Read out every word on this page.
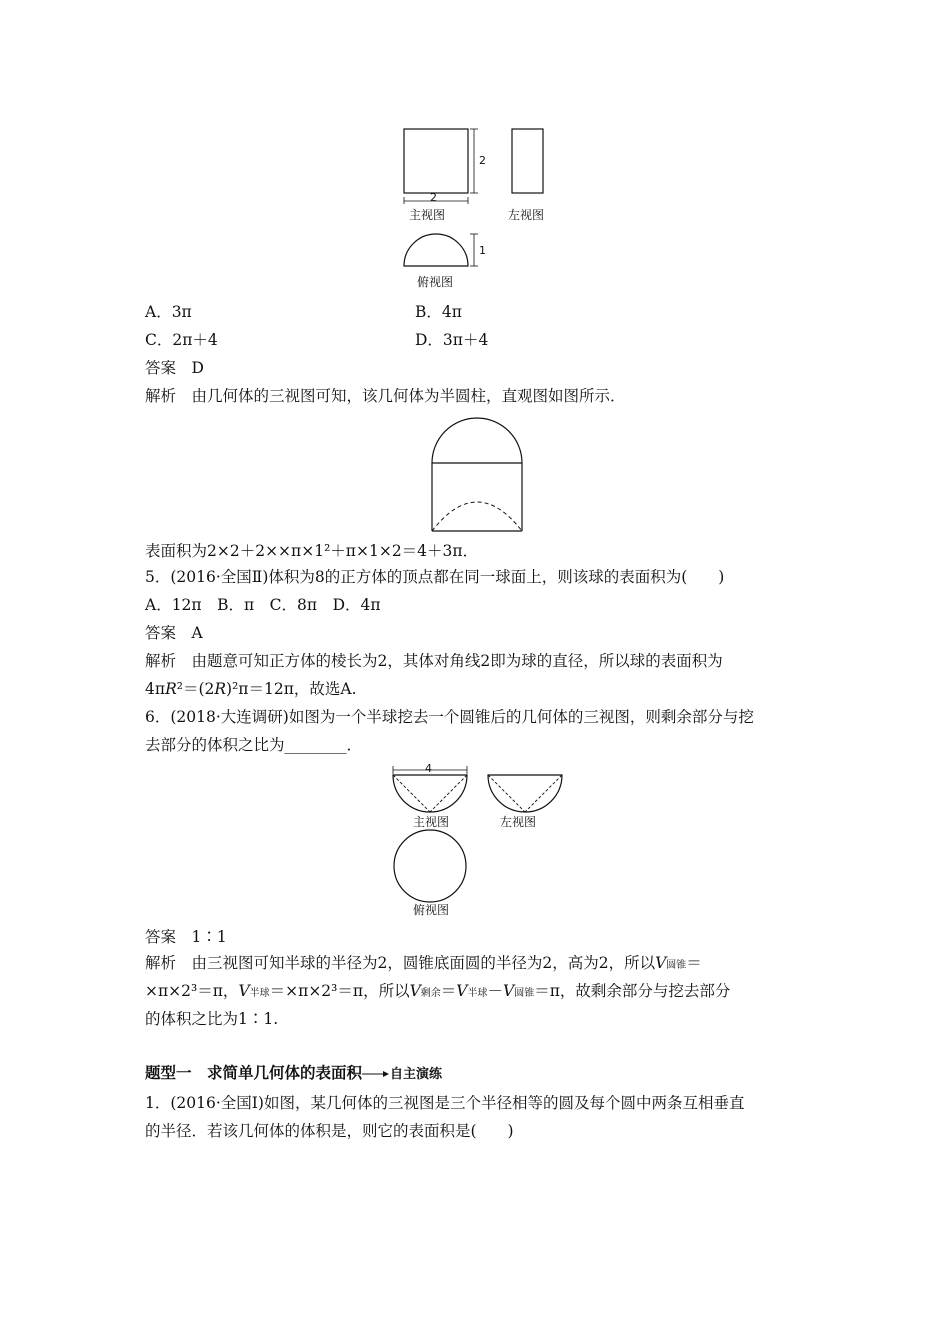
2
2
1
主视图	左视图
俯视图
A．3π	B．4π
C．2π＋4	D．3π＋4
答案　D
解析　由几何体的三视图可知，该几何体为半圆柱，直观图如图所示．
表面积为2×2＋2××π×1²＋π×1×2＝4＋3π．
5．(2016·全国Ⅱ)体积为8的正方体的顶点都在同一球面上，则该球的表面积为(　　)
A．12π　B．π　C．8π　D．4π
答案　A
解析　由题意可知正方体的棱长为2，其体对角线2即为球的直径，所以球的表面积为
4πR²＝(2R)²π＝12π，故选A.
6．(2018·大连调研)如图为一个半球挖去一个圆锥后的几何体的三视图，则剩余部分与挖
去部分的体积之比为________．
4
主视图	左视图
俯视图
答案　1∶1
解析　由三视图可知半球的半径为2，圆锥底面圆的半径为2，高为2，所以V圆锥＝
×π×2³＝π，V半球＝×π×2³＝π，所以V剩余＝V半球－V圆锥＝π，故剩余部分与挖去部分
的体积之比为1∶1.
题型一　求简单几何体的表面积 自主演练
1．(2016·全国Ⅰ)如图，某几何体的三视图是三个半径相等的圆及每个圆中两条互相垂直
的半径．若该几何体的体积是，则它的表面积是(　　)
